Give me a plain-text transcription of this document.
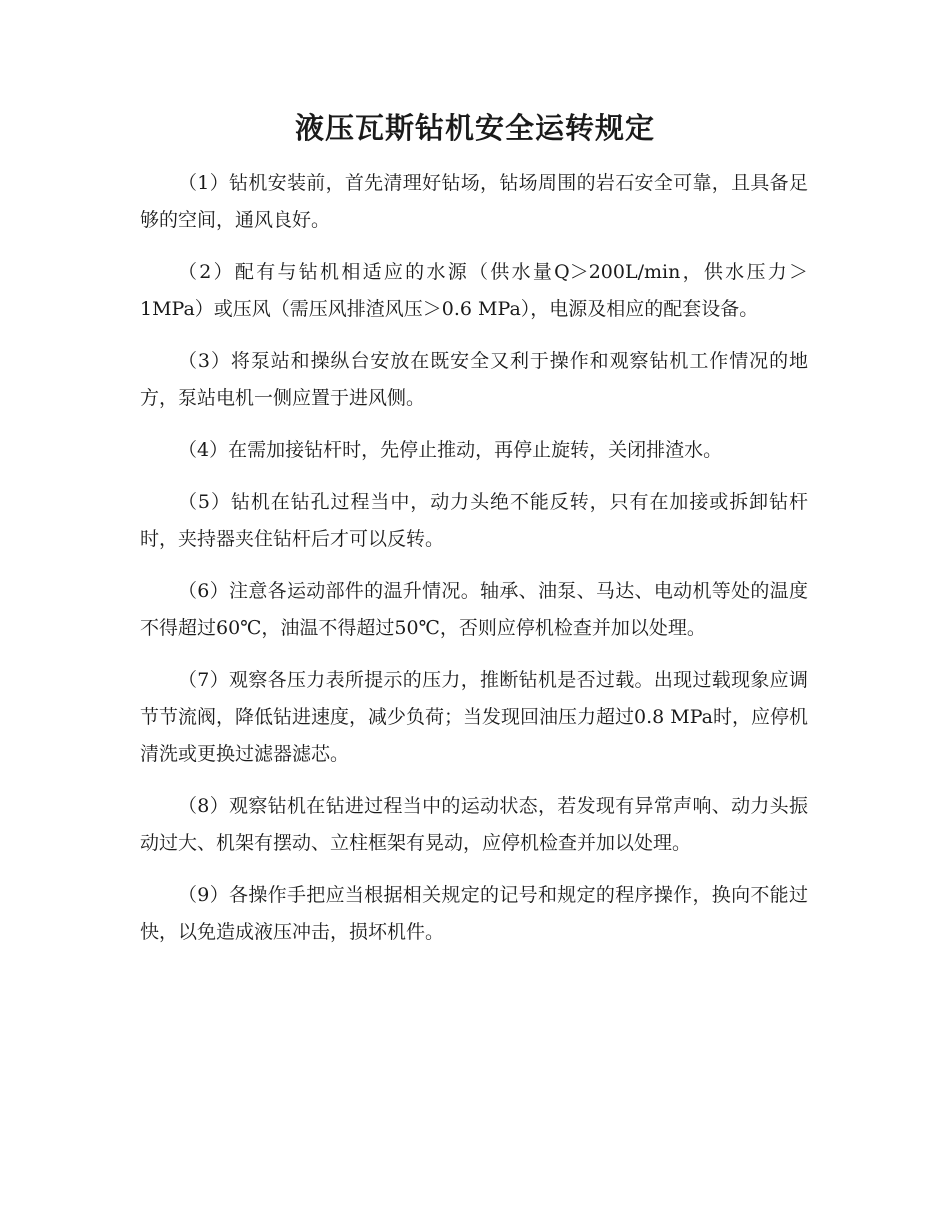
液压瓦斯钻机安全运转规定

（1）钻机安装前，首先清理好钻场，钻场周围的岩石安全可靠，且具备足够的空间，通风良好。

（2）配有与钻机相适应的水源（供水量Q＞200L/min，供水压力＞1MPa）或压风（需压风排渣风压＞0.6 MPa），电源及相应的配套设备。

（3）将泵站和操纵台安放在既安全又利于操作和观察钻机工作情况的地方，泵站电机一侧应置于进风侧。

（4）在需加接钻杆时，先停止推动，再停止旋转，关闭排渣水。

（5）钻机在钻孔过程当中，动力头绝不能反转，只有在加接或拆卸钻杆时，夹持器夹住钻杆后才可以反转。

（6）注意各运动部件的温升情况。轴承、油泵、马达、电动机等处的温度不得超过60℃，油温不得超过50℃，否则应停机检查并加以处理。

（7）观察各压力表所提示的压力，推断钻机是否过载。出现过载现象应调节节流阀，降低钻进速度，减少负荷；当发现回油压力超过0.8 MPa时，应停机清洗或更换过滤器滤芯。

（8）观察钻机在钻进过程当中的运动状态，若发现有异常声响、动力头振动过大、机架有摆动、立柱框架有晃动，应停机检查并加以处理。

（9）各操作手把应当根据相关规定的记号和规定的程序操作，换向不能过快，以免造成液压冲击，损坏机件。
